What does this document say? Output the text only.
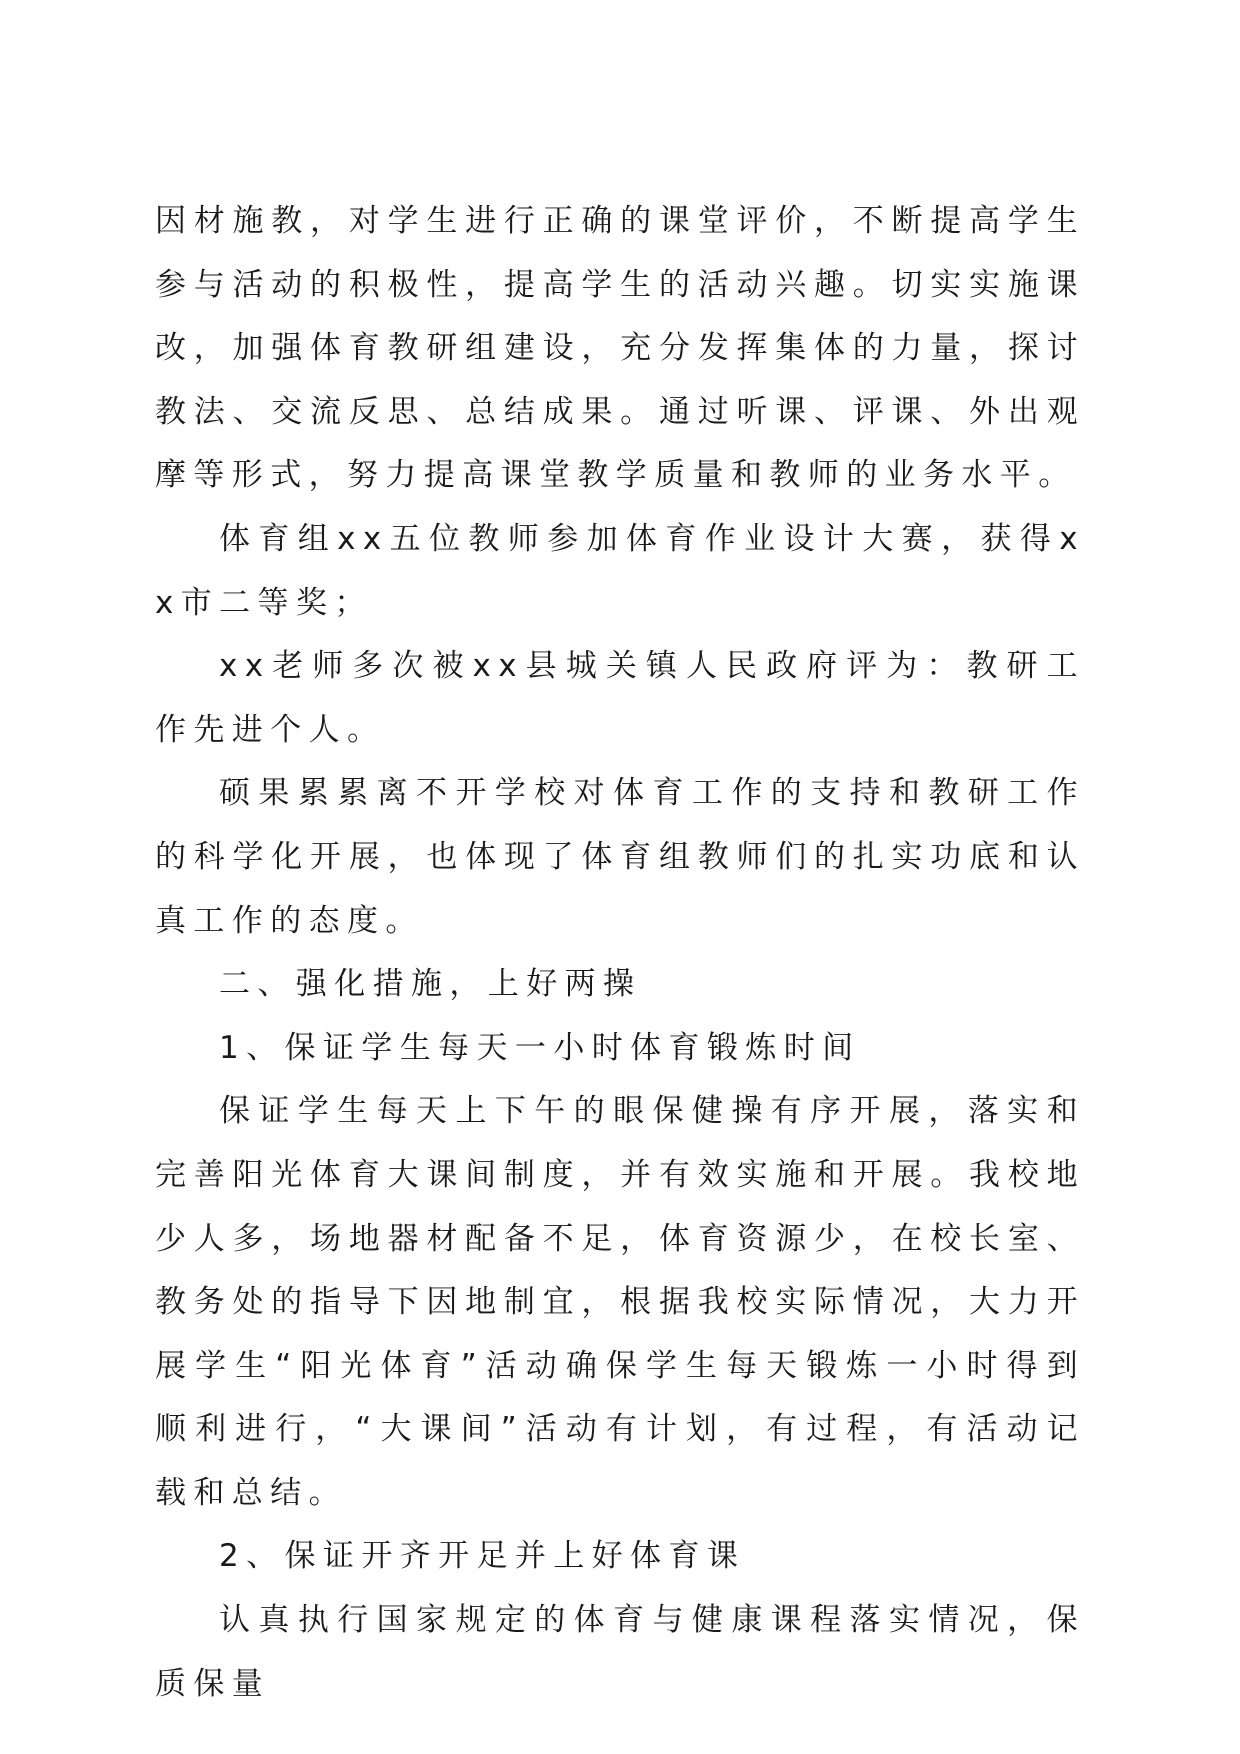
因材施教，对学生进行正确的课堂评价，不断提高学生参与活动的积极性，提高学生的活动兴趣。切实实施课改，加强体育教研组建设，充分发挥集体的力量，探讨教法、交流反思、总结成果。通过听课、评课、外出观摩等形式，努力提高课堂教学质量和教师的业务水平。

体育组xx五位教师参加体育作业设计大赛，获得xx市二等奖；

xx老师多次被xx县城关镇人民政府评为：教研工作先进个人。

硕果累累离不开学校对体育工作的支持和教研工作的科学化开展，也体现了体育组教师们的扎实功底和认真工作的态度。

二、强化措施，上好两操

1、保证学生每天一小时体育锻炼时间

保证学生每天上下午的眼保健操有序开展，落实和完善阳光体育大课间制度，并有效实施和开展。我校地少人多，场地器材配备不足，体育资源少，在校长室、教务处的指导下因地制宜，根据我校实际情况，大力开展学生“阳光体育”活动确保学生每天锻炼一小时得到顺利进行，“大课间”活动有计划，有过程，有活动记载和总结。

2、保证开齐开足并上好体育课

认真执行国家规定的体育与健康课程落实情况，保质保量
